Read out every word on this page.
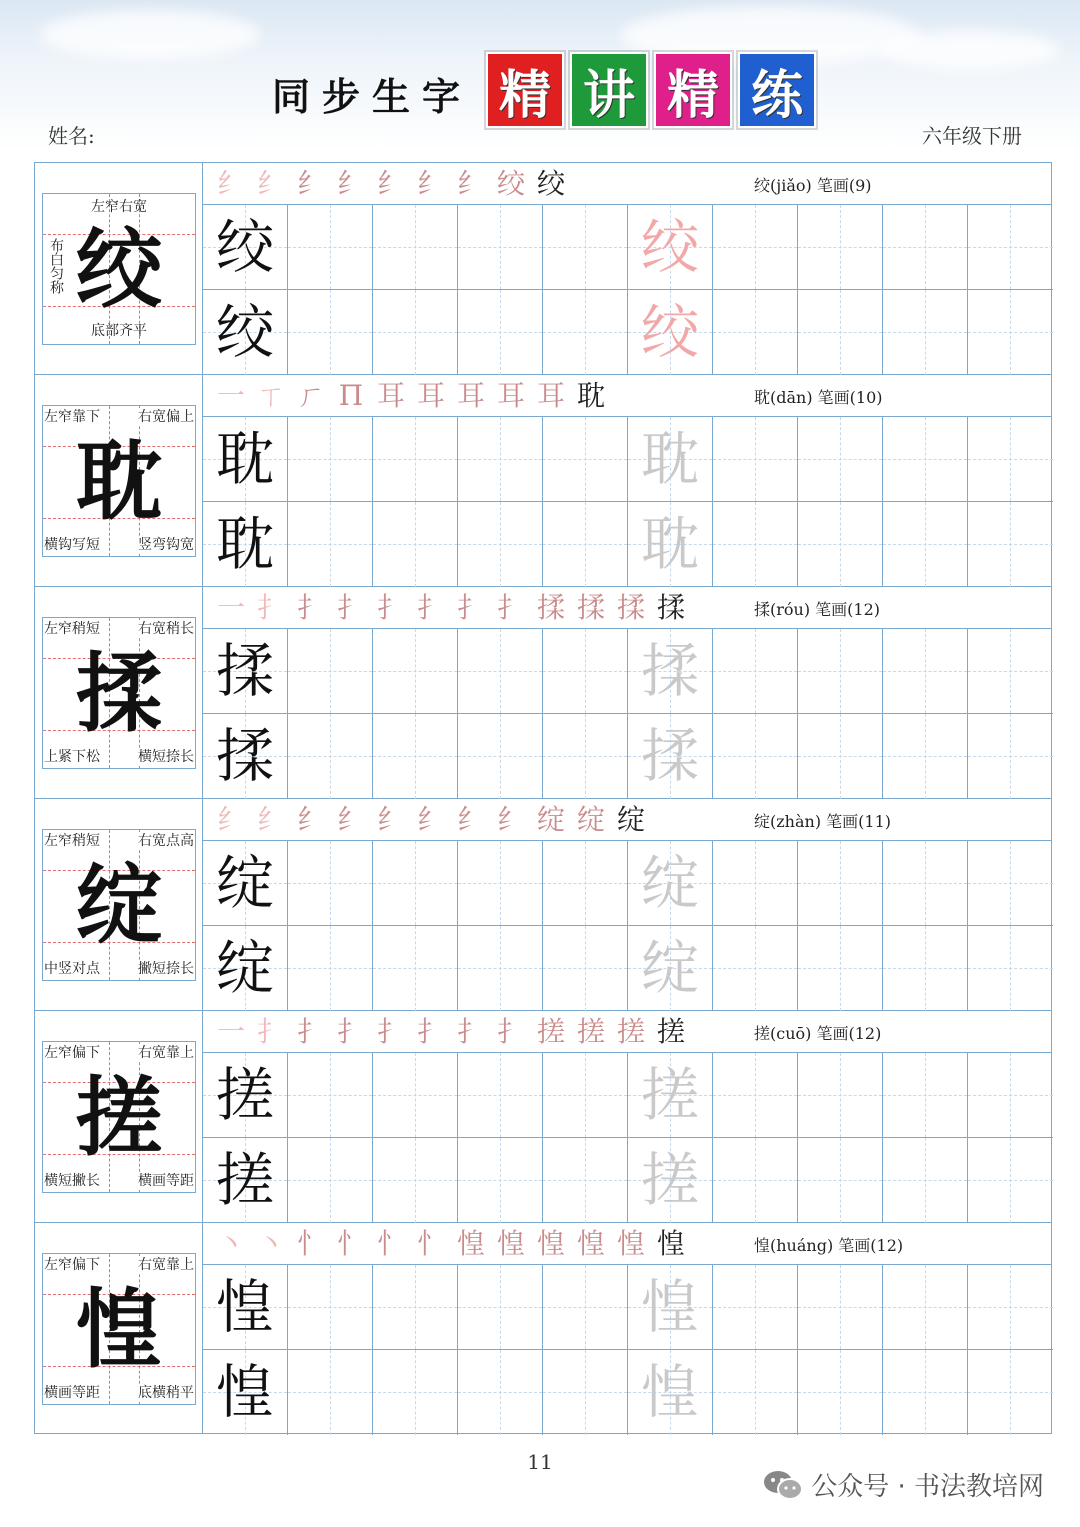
同步生字 精 讲 精 练
姓名:	六年级下册
绞
左窄右宽
布白匀称
底部齐平
纟 纟 纟 纟 纟 纟 纟 绞 绞	绞(jiǎo) 笔画(9)
绞	绞
绞	绞
耽
左窄靠下	右宽偏上
横钩写短	竖弯钩宽
一 ㄒ ㄏ Π 耳 耳 耳 耳 耳 耽	耽(dān) 笔画(10)
耽	耽
耽	耽
揉
左窄稍短	右宽稍长
上紧下松	横短捺长
一 扌 扌 扌 扌 扌 扌 扌 揉 揉 揉 揉	揉(róu) 笔画(12)
揉	揉
揉	揉
绽
左窄稍短	右宽点高
中竖对点	撇短捺长
纟 纟 纟 纟 纟 纟 纟 纟 绽 绽 绽	绽(zhàn) 笔画(11)
绽	绽
绽	绽
搓
左窄偏下	右宽靠上
横短撇长	横画等距
一 扌 扌 扌 扌 扌 扌 扌 搓 搓 搓 搓	搓(cuō) 笔画(12)
搓	搓
搓	搓
惶
左窄偏下	右宽靠上
横画等距	底横稍平
丶 丶 忄 忄 忄 忄 惶 惶 惶 惶 惶 惶	惶(huáng) 笔画(12)
惶	惶
惶	惶
11
公众号 · 书法教培网
